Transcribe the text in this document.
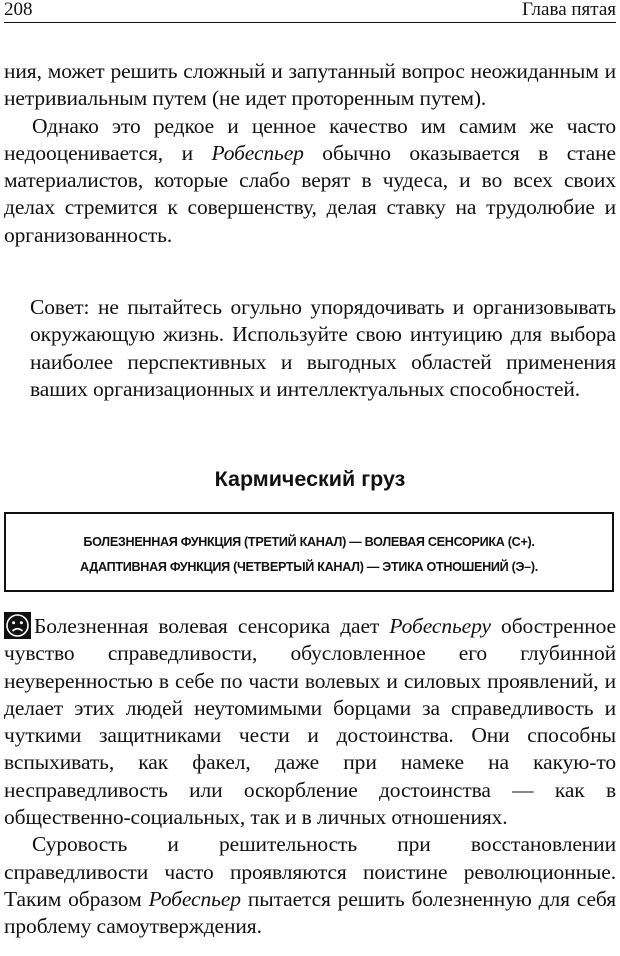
208	Глава пятая

ния, может решить сложный и запутанный вопрос неожиданным и нетривиальным путем (не идет проторенным путем).

Однако это редкое и ценное качество им самим же часто недооценивается, и Робеспьер обычно оказывается в стане материалистов, которые слабо верят в чудеса, и во всех своих делах стремится к совершенству, делая ставку на трудолюбие и организованность.

Совет: не пытайтесь огульно упорядочивать и организовывать окружающую жизнь. Используйте свою интуицию для выбора наиболее перспективных и выгодных областей применения ваших организационных и интеллектуальных способностей.

Кармический груз
БОЛЕЗНЕННАЯ ФУНКЦИЯ (ТРЕТИЙ КАНАЛ) — ВОЛЕВАЯ СЕНСОРИКА (С+).
АДАПТИВНАЯ ФУНКЦИЯ (ЧЕТВЕРТЫЙ КАНАЛ) — ЭТИКА ОТНОШЕНИЙ (Э–).

Болезненная волевая сенсорика дает Робеспьеру обостренное чувство справедливости, обусловленное его глубинной неуверенностью в себе по части волевых и силовых проявлений, и делает этих людей неутомимыми борцами за справедливость и чуткими защитниками чести и достоинства. Они способны вспыхивать, как факел, даже при намеке на какую-то несправедливость или оскорбление достоинства — как в общественно-социальных, так и в личных отношениях.

Суровость и решительность при восстановлении справедливости часто проявляются поистине революционные. Таким образом Робеспьер пытается решить болезненную для себя проблему самоутверждения.
